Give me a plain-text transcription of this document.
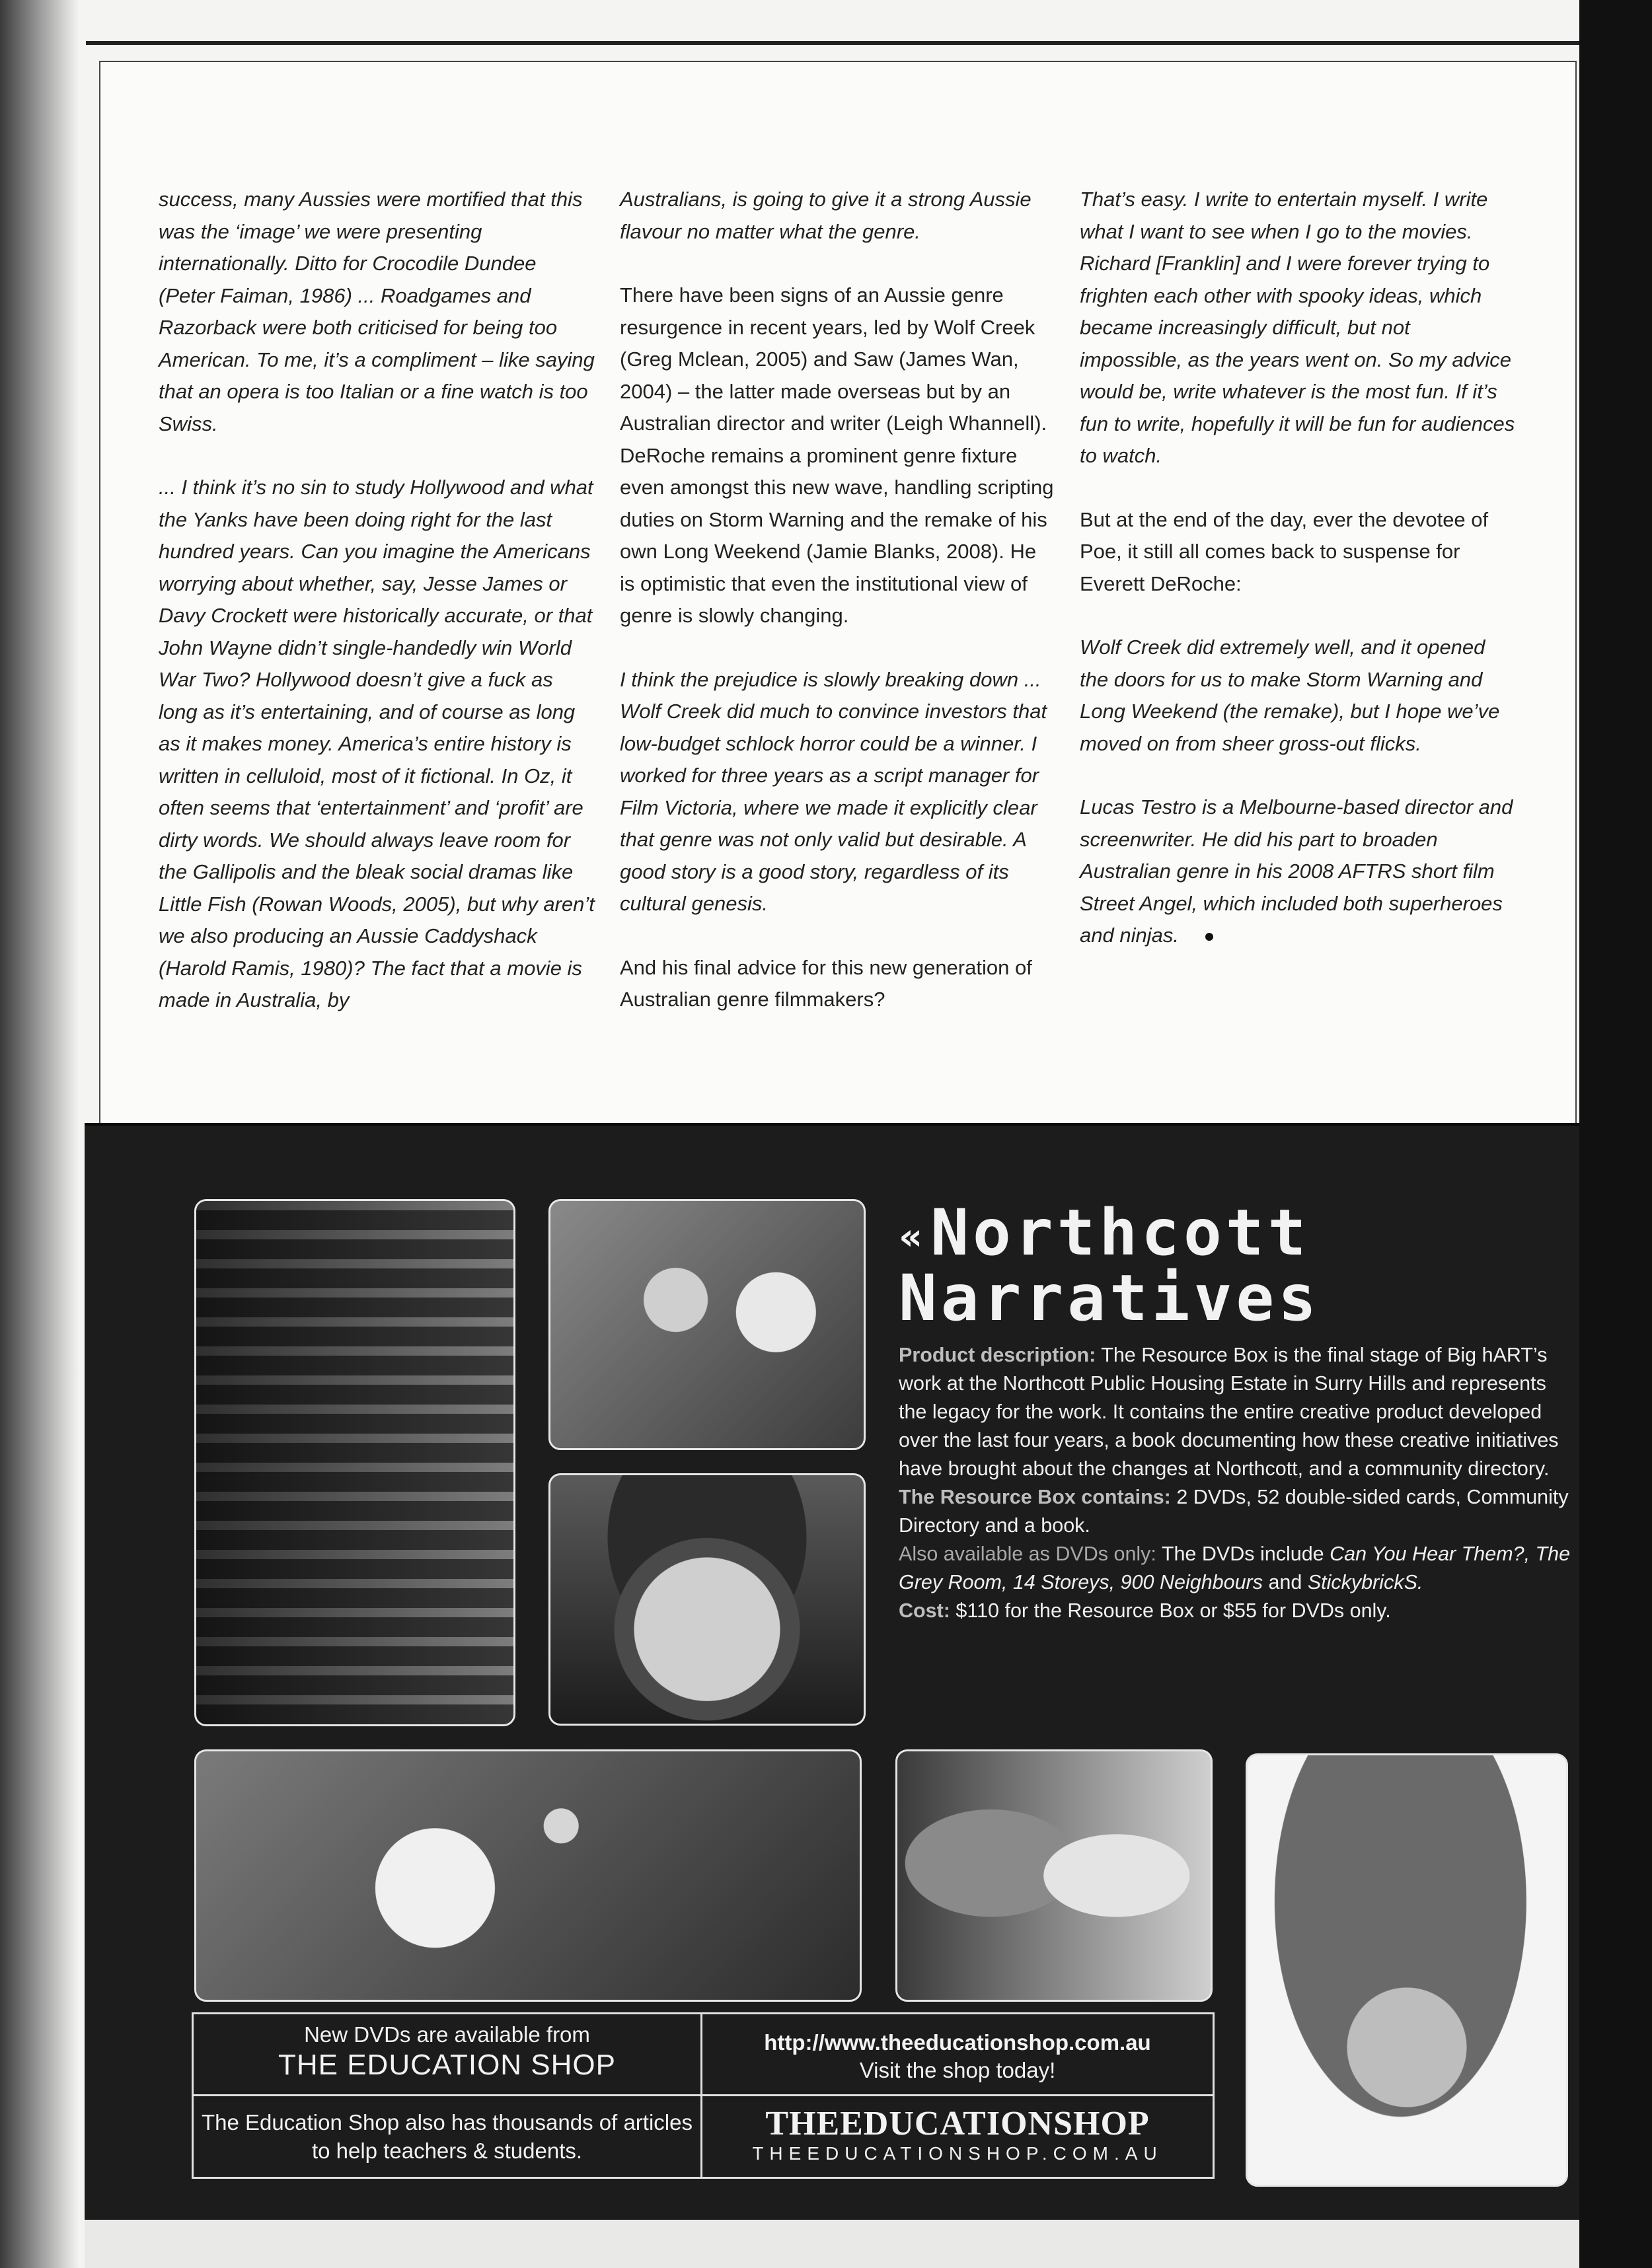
success, many Aussies were mortified that this was the ‘image’ we were presenting internationally. Ditto for Crocodile Dundee (Peter Faiman, 1986) ... Roadgames and Razorback were both criticised for being too American. To me, it’s a compliment – like saying that an opera is too Italian or a fine watch is too Swiss.

... I think it’s no sin to study Hollywood and what the Yanks have been doing right for the last hundred years. Can you imagine the Americans worrying about whether, say, Jesse James or Davy Crockett were historically accurate, or that John Wayne didn’t single-handedly win World War Two? Hollywood doesn’t give a fuck as long as it’s entertaining, and of course as long as it makes money. America’s entire history is written in celluloid, most of it fictional. In Oz, it often seems that ‘entertainment’ and ‘profit’ are dirty words. We should always leave room for the Gallipolis and the bleak social dramas like Little Fish (Rowan Woods, 2005), but why aren’t we also producing an Aussie Caddyshack (Harold Ramis, 1980)? The fact that a movie is made in Australia, by

Australians, is going to give it a strong Aussie flavour no matter what the genre.

There have been signs of an Aussie genre resurgence in recent years, led by Wolf Creek (Greg Mclean, 2005) and Saw (James Wan, 2004) – the latter made overseas but by an Australian director and writer (Leigh Whannell). DeRoche remains a prominent genre fixture even amongst this new wave, handling scripting duties on Storm Warning and the remake of his own Long Weekend (Jamie Blanks, 2008). He is optimistic that even the institutional view of genre is slowly changing.

I think the prejudice is slowly breaking down ... Wolf Creek did much to convince investors that low-budget schlock horror could be a winner. I worked for three years as a script manager for Film Victoria, where we made it explicitly clear that genre was not only valid but desirable. A good story is a good story, regardless of its cultural genesis.

And his final advice for this new generation of Australian genre filmmakers?

That’s easy. I write to entertain myself. I write what I want to see when I go to the movies. Richard [Franklin] and I were forever trying to frighten each other with spooky ideas, which became increasingly difficult, but not impossible, as the years went on. So my advice would be, write whatever is the most fun. If it’s fun to write, hopefully it will be fun for audiences to watch.

But at the end of the day, ever the devotee of Poe, it still all comes back to suspense for Everett DeRoche:

Wolf Creek did extremely well, and it opened the doors for us to make Storm Warning and Long Weekend (the remake), but I hope we’ve moved on from sheer gross-out flicks.

Lucas Testro is a Melbourne-based director and screenwriter. He did his part to broaden Australian genre in his 2008 AFTRS short film Street Angel, which included both superheroes and ninjas.

«Northcott
Narratives
Product description: The Resource Box is the final stage of Big hART’s work at the Northcott Public Housing Estate in Surry Hills and represents the legacy for the work. It contains the entire creative product developed over the last four years, a book documenting how these creative initiatives have brought about the changes at Northcott, and a community directory.
The Resource Box contains: 2 DVDs, 52 double-sided cards, Community Directory and a book.
Also available as DVDs only: The DVDs include Can You Hear Them?, The Grey Room, 14 Storeys, 900 Neighbours and StickybrickS.
Cost: $110 for the Resource Box or $55 for DVDs only.
New DVDs are available from
THE EDUCATION SHOP
http://www.theeducationshop.com.au
Visit the shop today!
The Education Shop also has thousands of articles to help teachers & students.
THEEDUCATIONSHOP
THEEDUCATIONSHOP.COM.AU
